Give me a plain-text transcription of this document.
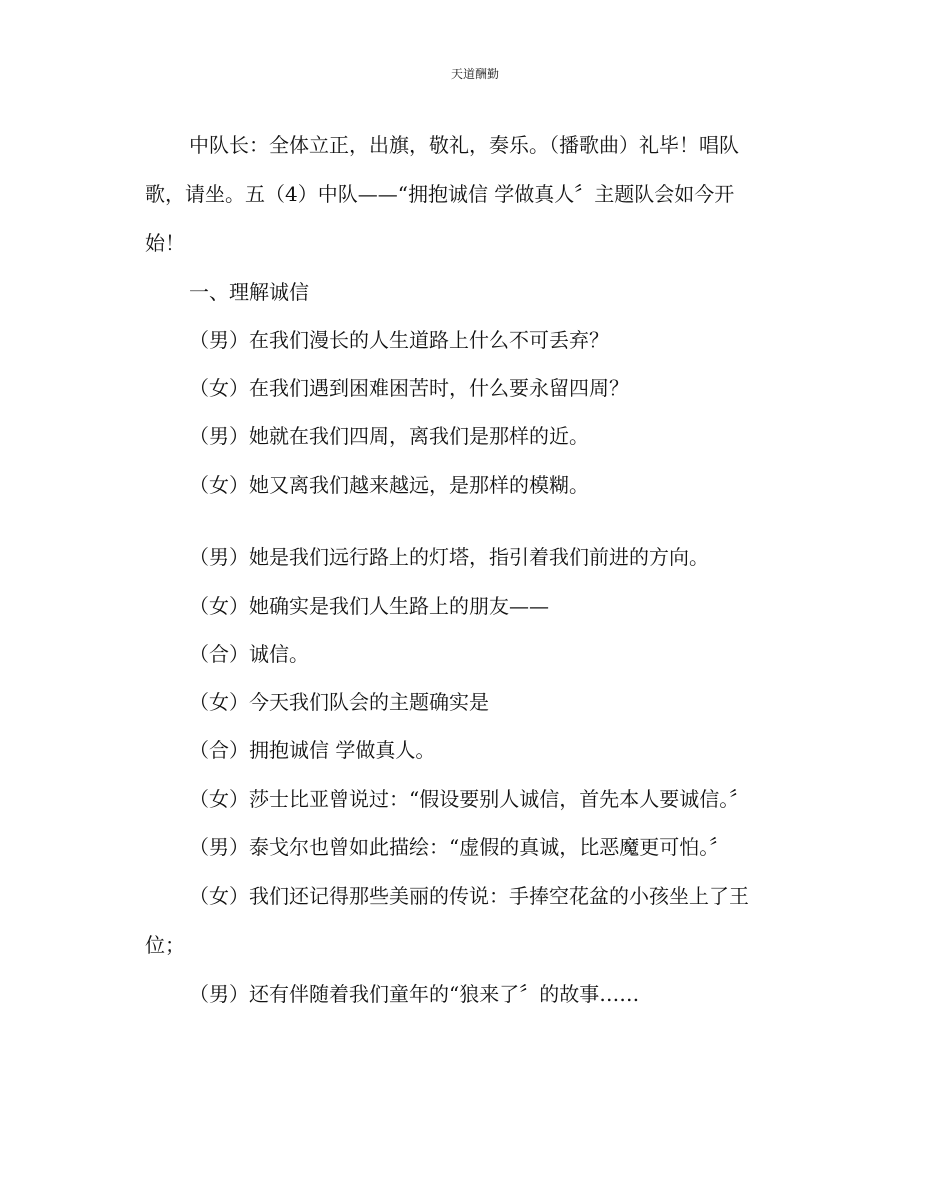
天道酬勤
中队长：全体立正，出旗，敬礼，奏乐。（播歌曲）礼毕！唱队
歌，请坐。五（4）中队——“拥抱诚信 学做真人〞主题队会如今开
始！
一、理解诚信
（男）在我们漫长的人生道路上什么不可丢弃？
（女）在我们遇到困难困苦时，什么要永留四周？
（男）她就在我们四周，离我们是那样的近。
（女）她又离我们越来越远，是那样的模糊。
（男）她是我们远行路上的灯塔，指引着我们前进的方向。
（女）她确实是我们人生路上的朋友——
（合）诚信。
（女）今天我们队会的主题确实是
（合）拥抱诚信 学做真人。
（女）莎士比亚曾说过：“假设要别人诚信，首先本人要诚信。〞
（男）泰戈尔也曾如此描绘：“虚假的真诚，比恶魔更可怕。〞
（女）我们还记得那些美丽的传说：手捧空花盆的小孩坐上了王
位；
（男）还有伴随着我们童年的“狼来了〞的故事……
